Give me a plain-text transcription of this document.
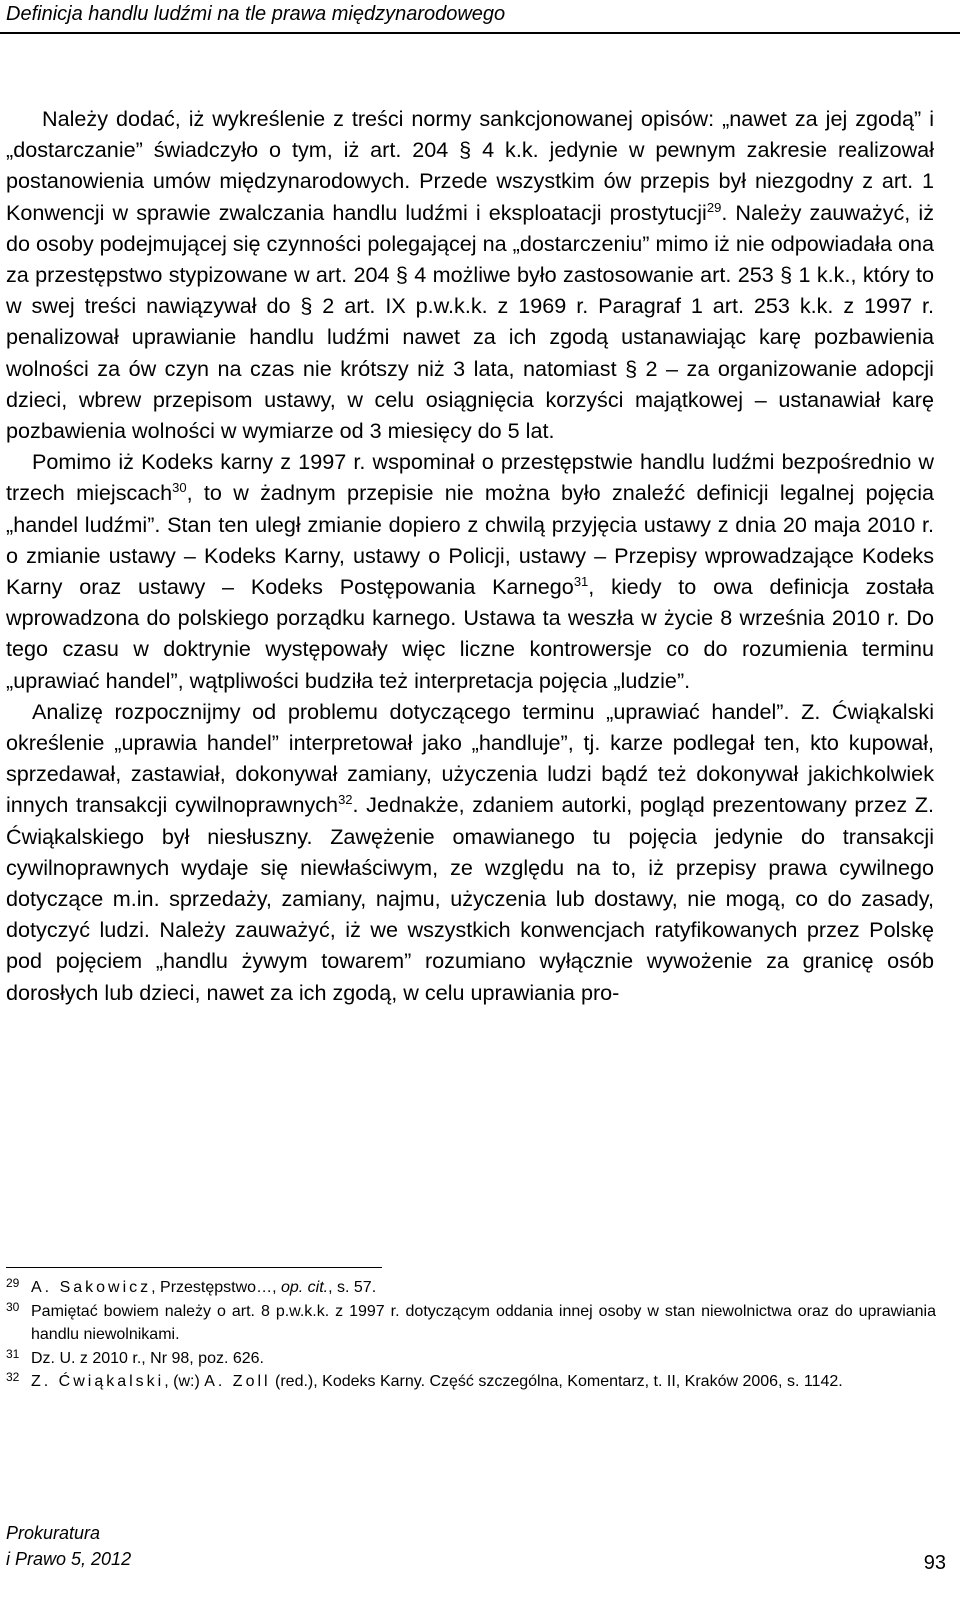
Definicja handlu ludźmi na tle prawa międzynarodowego

Należy dodać, iż wykreślenie z treści normy sankcjonowanej opisów: „nawet za jej zgodą” i „dostarczanie” świadczyło o tym, iż art. 204 § 4 k.k. jedynie w pewnym zakresie realizował postanowienia umów międzynarodowych. Przede wszystkim ów przepis był niezgodny z art. 1 Konwencji w sprawie zwalczania handlu ludźmi i eksploatacji prostytucji$^{29}$. Należy zauważyć, iż do osoby podejmującej się czynności polegającej na „dostarczeniu” mimo iż nie odpowiadała ona za przestępstwo stypizowane w art. 204 § 4 możliwe było zastosowanie art. 253 § 1 k.k., który to w swej treści nawiązywał do § 2 art. IX p.w.k.k. z 1969 r. Paragraf 1 art. 253 k.k. z 1997 r. penalizował uprawianie handlu ludźmi nawet za ich zgodą ustanawiając karę pozbawienia wolności za ów czyn na czas nie krótszy niż 3 lata, natomiast § 2 – za organizowanie adopcji dzieci, wbrew przepisom ustawy, w celu osiągnięcia korzyści majątkowej – ustanawiał karę pozbawienia wolności w wymiarze od 3 miesięcy do 5 lat.

Pomimo iż Kodeks karny z 1997 r. wspominał o przestępstwie handlu ludźmi bezpośrednio w trzech miejscach$^{30}$, to w żadnym przepisie nie można było znaleźć definicji legalnej pojęcia „handel ludźmi”. Stan ten uległ zmianie dopiero z chwilą przyjęcia ustawy z dnia 20 maja 2010 r. o zmianie ustawy – Kodeks Karny, ustawy o Policji, ustawy – Przepisy wprowadzające Kodeks Karny oraz ustawy – Kodeks Postępowania Karnego$^{31}$, kiedy to owa definicja została wprowadzona do polskiego porządku karnego. Ustawa ta weszła w życie 8 września 2010 r. Do tego czasu w doktrynie występowały więc liczne kontrowersje co do rozumienia terminu „uprawiać handel”, wątpliwości budziła też interpretacja pojęcia „ludzie”.

Analizę rozpocznijmy od problemu dotyczącego terminu „uprawiać handel”. Z. Ćwiąkalski określenie „uprawia handel” interpretował jako „handluje”, tj. karze podlegał ten, kto kupował, sprzedawał, zastawiał, dokonywał zamiany, użyczenia ludzi bądź też dokonywał jakichkolwiek innych transakcji cywilnoprawnych$^{32}$. Jednakże, zdaniem autorki, pogląd prezentowany przez Z. Ćwiąkalskiego był niesłuszny. Zawężenie omawianego tu pojęcia jedynie do transakcji cywilnoprawnych wydaje się niewłaściwym, ze względu na to, iż przepisy prawa cywilnego dotyczące m.in. sprzedaży, zamiany, najmu, użyczenia lub dostawy, nie mogą, co do zasady, dotyczyć ludzi. Należy zauważyć, iż we wszystkich konwencjach ratyfikowanych przez Polskę pod pojęciem „handlu żywym towarem” rozumiano wyłącznie wywożenie za granicę osób dorosłych lub dzieci, nawet za ich zgodą, w celu uprawiania pro-

29 A. Sakowicz, Przestępstwo…, op. cit., s. 57.
30 Pamiętać bowiem należy o art. 8 p.w.k.k. z 1997 r. dotyczącym oddania innej osoby w stan niewolnictwa oraz do uprawiania handlu niewolnikami.
31 Dz. U. z 2010 r., Nr 98, poz. 626.
32 Z. Ćwiąkalski, (w:) A. Zoll (red.), Kodeks Karny. Część szczególna, Komentarz, t. II, Kraków 2006, s. 1142.
Prokuratura
i Prawo 5, 2012	93
